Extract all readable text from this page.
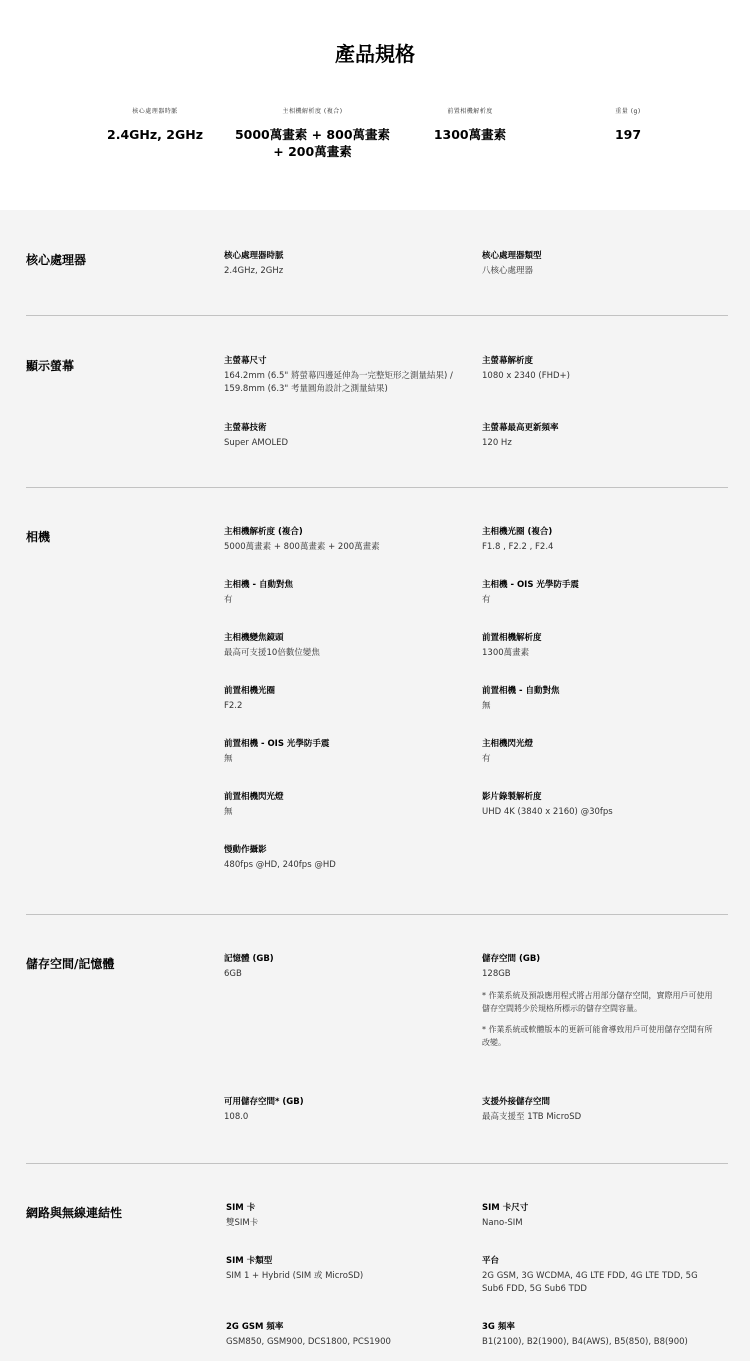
產品規格
核心處理器時脈
2.4GHz, 2GHz
主相機解析度 (複合)
5000萬畫素 + 800萬畫素 + 200萬畫素
前置相機解析度
1300萬畫素
重量 (g)
197
核心處理器	核心處理器時脈
2.4GHz, 2GHz
核心處理器類型
八核心處理器
顯示螢幕	主螢幕尺寸
164.2mm (6.5" 將螢幕四邊延伸為一完整矩形之測量結果) / 159.8mm (6.3" 考量圓角設計之測量結果)
主螢幕解析度
1080 x 2340 (FHD+)
主螢幕技術
Super AMOLED
主螢幕最高更新頻率
120 Hz
相機	主相機解析度 (複合)
5000萬畫素 + 800萬畫素 + 200萬畫素
主相機光圈 (複合)
F1.8 , F2.2 , F2.4
主相機 - 自動對焦
有
主相機 - OIS 光學防手震
有
主相機變焦鏡頭
最高可支援10倍數位變焦
前置相機解析度
1300萬畫素
前置相機光圈
F2.2
前置相機 - 自動對焦
無
前置相機 - OIS 光學防手震
無
主相機閃光燈
有
前置相機閃光燈
無
影片錄製解析度
UHD 4K (3840 x 2160) @30fps
慢動作攝影
480fps @HD, 240fps @HD
儲存空間/記憶體	記憶體 (GB)
6GB
儲存空間 (GB)
128GB
* 作業系統及預設應用程式將占用部分儲存空間，實際用戶可使用儲存空間將少於規格所標示的儲存空間容量。
* 作業系統或軟體版本的更新可能會導致用戶可使用儲存空間有所改變。
可用儲存空間* (GB)
108.0
支援外接儲存空間
最高支援至 1TB MicroSD
網路與無線連結性	SIM 卡
雙SIM卡
SIM 卡尺寸
Nano-SIM
SIM 卡類型
SIM 1 + Hybrid (SIM 或 MicroSD)
平台
2G GSM, 3G WCDMA, 4G LTE FDD, 4G LTE TDD, 5G Sub6 FDD, 5G Sub6 TDD
2G GSM 頻率
GSM850, GSM900, DCS1800, PCS1900
3G 頻率
B1(2100), B2(1900), B4(AWS), B5(850), B8(900)
